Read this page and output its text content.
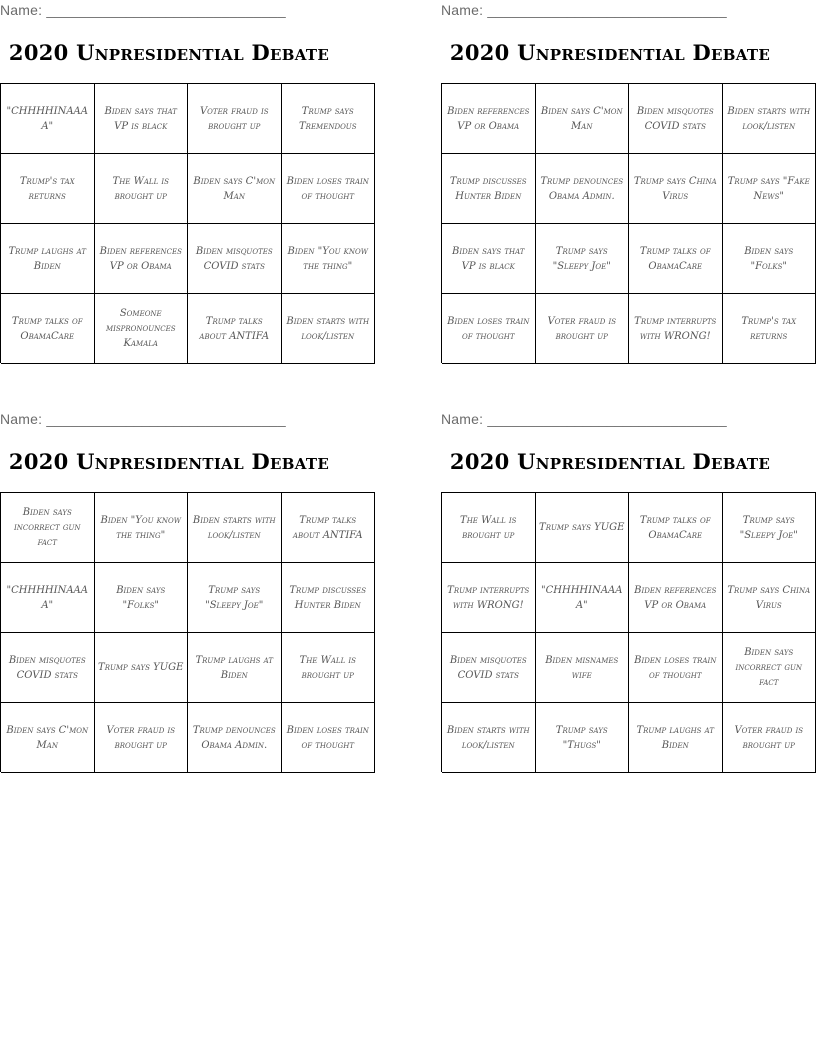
Name: ______________________________
2020 Unpresidential Debate
"CHHHHINAAAA"
Biden says that VP is black
Voter fraud is brought up
Trump says Tremendous
Trump's tax returns
The Wall is brought up
Biden says C'mon Man
Biden loses train of thought
Trump laughs at Biden
Biden references VP or Obama
Biden misquotes COVID stats
Biden "You know the thing"
Trump talks of ObamaCare
Someone mispronounces Kamala
Trump talks about ANTIFA
Biden starts with look/listen
Name: ______________________________
2020 Unpresidential Debate
Biden references VP or Obama
Biden says C'mon Man
Biden misquotes COVID stats
Biden starts with look/listen
Trump discusses Hunter Biden
Trump denounces Obama Admin.
Trump says China Virus
Trump says "Fake News"
Biden says that VP is black
Trump says "Sleepy Joe"
Trump talks of ObamaCare
Biden says "Folks"
Biden loses train of thought
Voter fraud is brought up
Trump interrupts with WRONG!
Trump's tax returns
Name: ______________________________
2020 Unpresidential Debate
Biden says incorrect gun fact
Biden "You know the thing"
Biden starts with look/listen
Trump talks about ANTIFA
"CHHHHINAAAA"
Biden says "Folks"
Trump says "Sleepy Joe"
Trump discusses Hunter Biden
Biden misquotes COVID stats
Trump says YUGE
Trump laughs at Biden
The Wall is brought up
Biden says C'mon Man
Voter fraud is brought up
Trump denounces Obama Admin.
Biden loses train of thought
Name: ______________________________
2020 Unpresidential Debate
The Wall is brought up
Trump says YUGE
Trump talks of ObamaCare
Trump says "Sleepy Joe"
Trump interrupts with WRONG!
"CHHHHINAAAA"
Biden references VP or Obama
Trump says China Virus
Biden misquotes COVID stats
Biden misnames wife
Biden loses train of thought
Biden says incorrect gun fact
Biden starts with look/listen
Trump says "Thugs"
Trump laughs at Biden
Voter fraud is brought up
